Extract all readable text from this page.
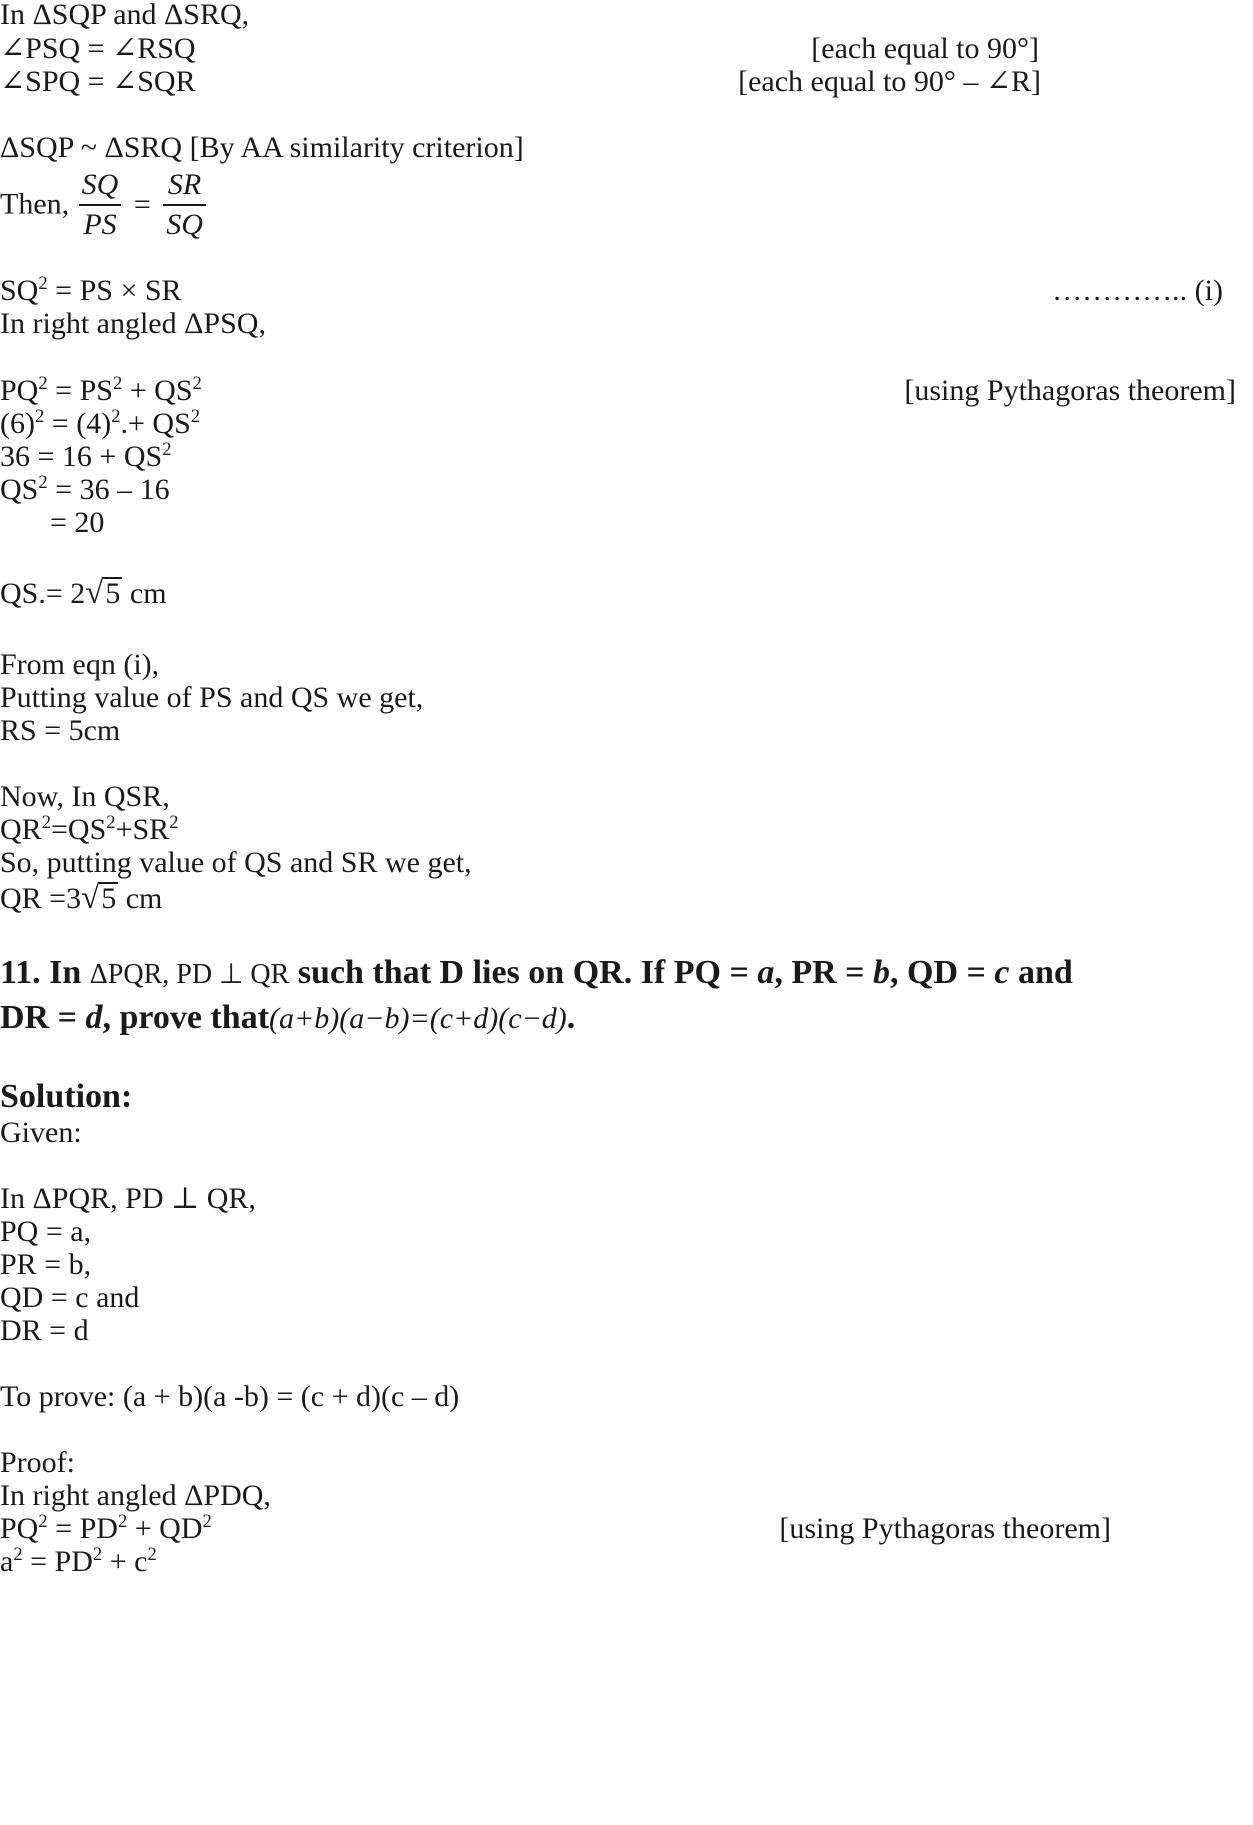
In ΔSQP and ΔSRQ,
∠PSQ = ∠RSQ	[each equal to 90°]
∠SPQ = ∠SQR	[each equal to 90° – ∠R]
ΔSQP ~ ΔSRQ [By AA similarity criterion]
Then, $\frac{SQ}{PS} = \frac{SR}{SQ}$
$SQ^2$ = PS × SR	………….. (i)
In right angled ΔPSQ,
$PQ^2 = PS^2 + QS^2$	[using Pythagoras theorem]
$(6)^2 = (4)^2.+ QS^2$
$36 = 16 + QS^2$
$QS^2 = 36 - 16$
= 20
QS.= 2√5 cm
From eqn (i),
Putting value of PS and QS we get,
RS = 5cm
Now, In QSR,
$QR^2=QS^2+SR^2$
So, putting value of QS and SR we get,
QR =3√5 cm
11. In ΔPQR, PD ⊥ QR such that D lies on QR. If PQ = a, PR = b, QD = c and
DR = d, prove that(a+b)(a−b)=(c+d)(c−d).
Solution:
Given:
In ΔPQR, PD ⊥ QR,
PQ = a,
PR = b,
QD = c and
DR = d
To prove: (a + b)(a -b) = (c + d)(c – d)
Proof:
In right angled ΔPDQ,
$PQ^2 = PD^2 + QD^2$	[using Pythagoras theorem]
$a^2 = PD^2 + c^2$
